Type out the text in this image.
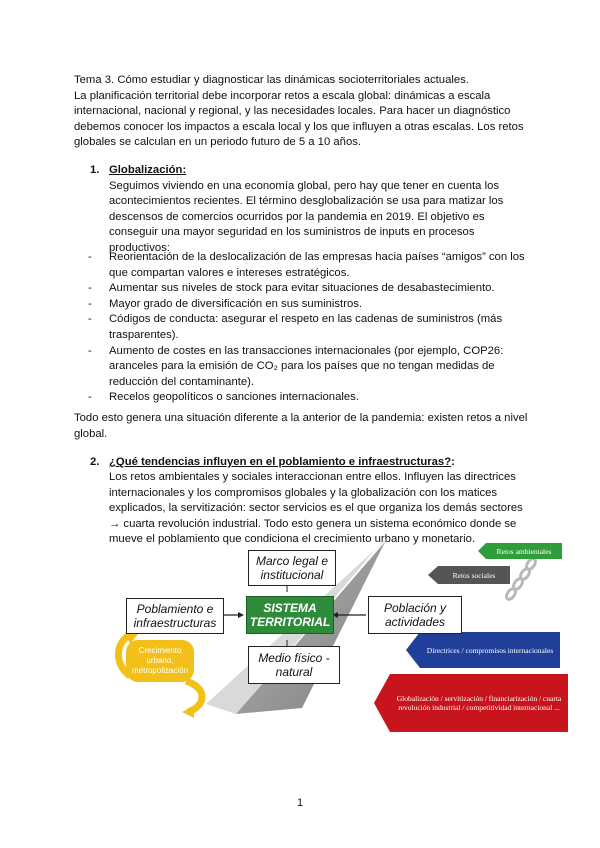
Tema 3. Cómo estudiar y diagnosticar las dinámicas socioterritoriales actuales.

La planificación territorial debe incorporar retos a escala global: dinámicas a escala internacional, nacional y regional, y las necesidades locales. Para hacer un diagnóstico debemos conocer los impactos a escala local y los que influyen a otras escalas. Los retos globales se calculan en un periodo futuro de 5 a 10 años.

1. Globalización:

Seguimos viviendo en una economía global, pero hay que tener en cuenta los acontecimientos recientes. El término desglobalización se usa para matizar los descensos de comercios ocurridos por la pandemia en 2019. El objetivo es conseguir una mayor seguridad en los suministros de inputs en procesos productivos:

- Reorientación de la deslocalización de las empresas hacia países “amigos” con los que compartan valores e intereses estratégicos.
- Aumentar sus niveles de stock para evitar situaciones de desabastecimiento.
- Mayor grado de diversificación en sus suministros.
- Códigos de conducta: asegurar el respeto en las cadenas de suministros (más trasparentes).
- Aumento de costes en las transacciones internacionales (por ejemplo, COP26: aranceles para la emisión de CO₂ para los países que no tengan medidas de reducción del contaminante).
- Recelos geopolíticos o sanciones internacionales.

Todo esto genera una situación diferente a la anterior de la pandemia: existen retos a nivel global.

2. ¿Qué tendencias influyen en el poblamiento e infraestructuras?:

Los retos ambientales y sociales interaccionan entre ellos. Influyen las directrices internacionales y los compromisos globales y la globalización con los matices explicados, la servitización: sector servicios es el que organiza los demás sectores → cuarta revolución industrial. Todo esto genera un sistema económico donde se mueve el poblamiento que condiciona el crecimiento urbano y monetario.

Retos ambientales
Retos sociales
Directrices / compromisos internacionales
Globalización / servitización / financiarización / cuarta revolución industrial / competitividad internacional ...
Marco legal e institucional
SISTEMA TERRITORIAL
Poblamiento e infraestructuras
Población y actividades
Medio físico - natural
Crecimiento urbano, metropolización
1
